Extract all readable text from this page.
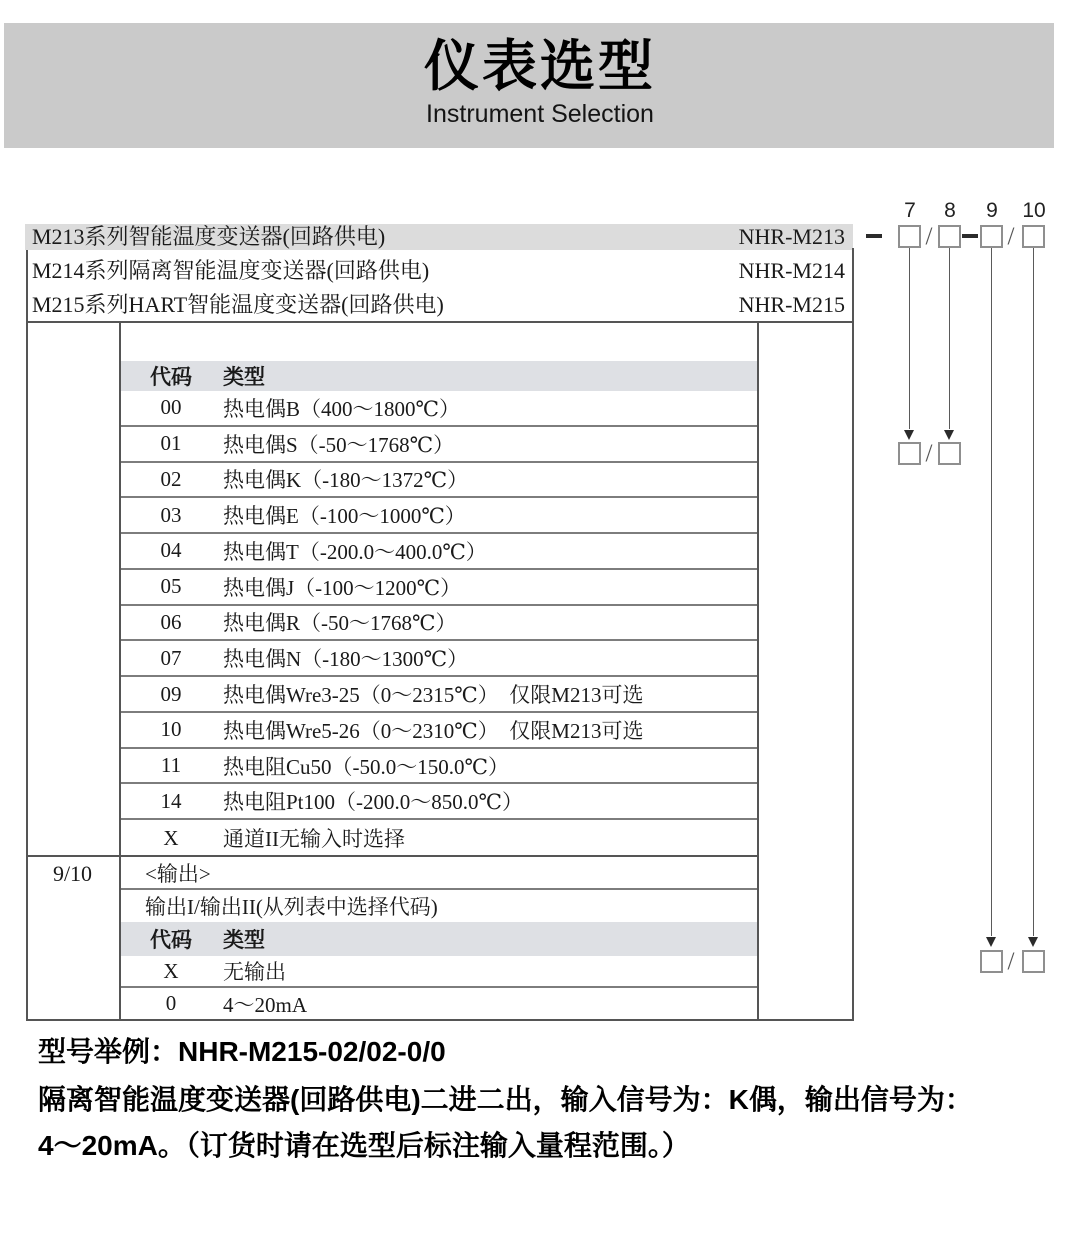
仪表选型
Instrument Selection
M213系列智能温度变送器(回路供电)	NHR-M213
M214系列隔离智能温度变送器(回路供电)	NHR-M214
M215系列HART智能温度变送器(回路供电)	NHR-M215
代码	类型
00	热电偶B（400～1800℃）
01	热电偶S（-50～1768℃）
02	热电偶K（-180～1372℃）
03	热电偶E（-100～1000℃）
04	热电偶T（-200.0～400.0℃）
05	热电偶J（-100～1200℃）
06	热电偶R（-50～1768℃）
07	热电偶N（-180～1300℃）
09	热电偶Wre3-25（0～2315℃）　仅限M213可选
10	热电偶Wre5-26（0～2310℃）　仅限M213可选
11	热电阻Cu50（-50.0～150.0℃）
14	热电阻Pt100（-200.0～850.0℃）
X	通道II无输入时选择
9/10	<输出>
输出I/输出II(从列表中选择代码)
代码	类型
X	无输出
0	4～20mA
7 8 9 10
/	/
/
/
型号举例：NHR-M215-02/02-0/0
隔离智能温度变送器(回路供电)二进二出，输入信号为：K偶，输出信号为：
4～20mA。（订货时请在选型后标注输入量程范围。）
